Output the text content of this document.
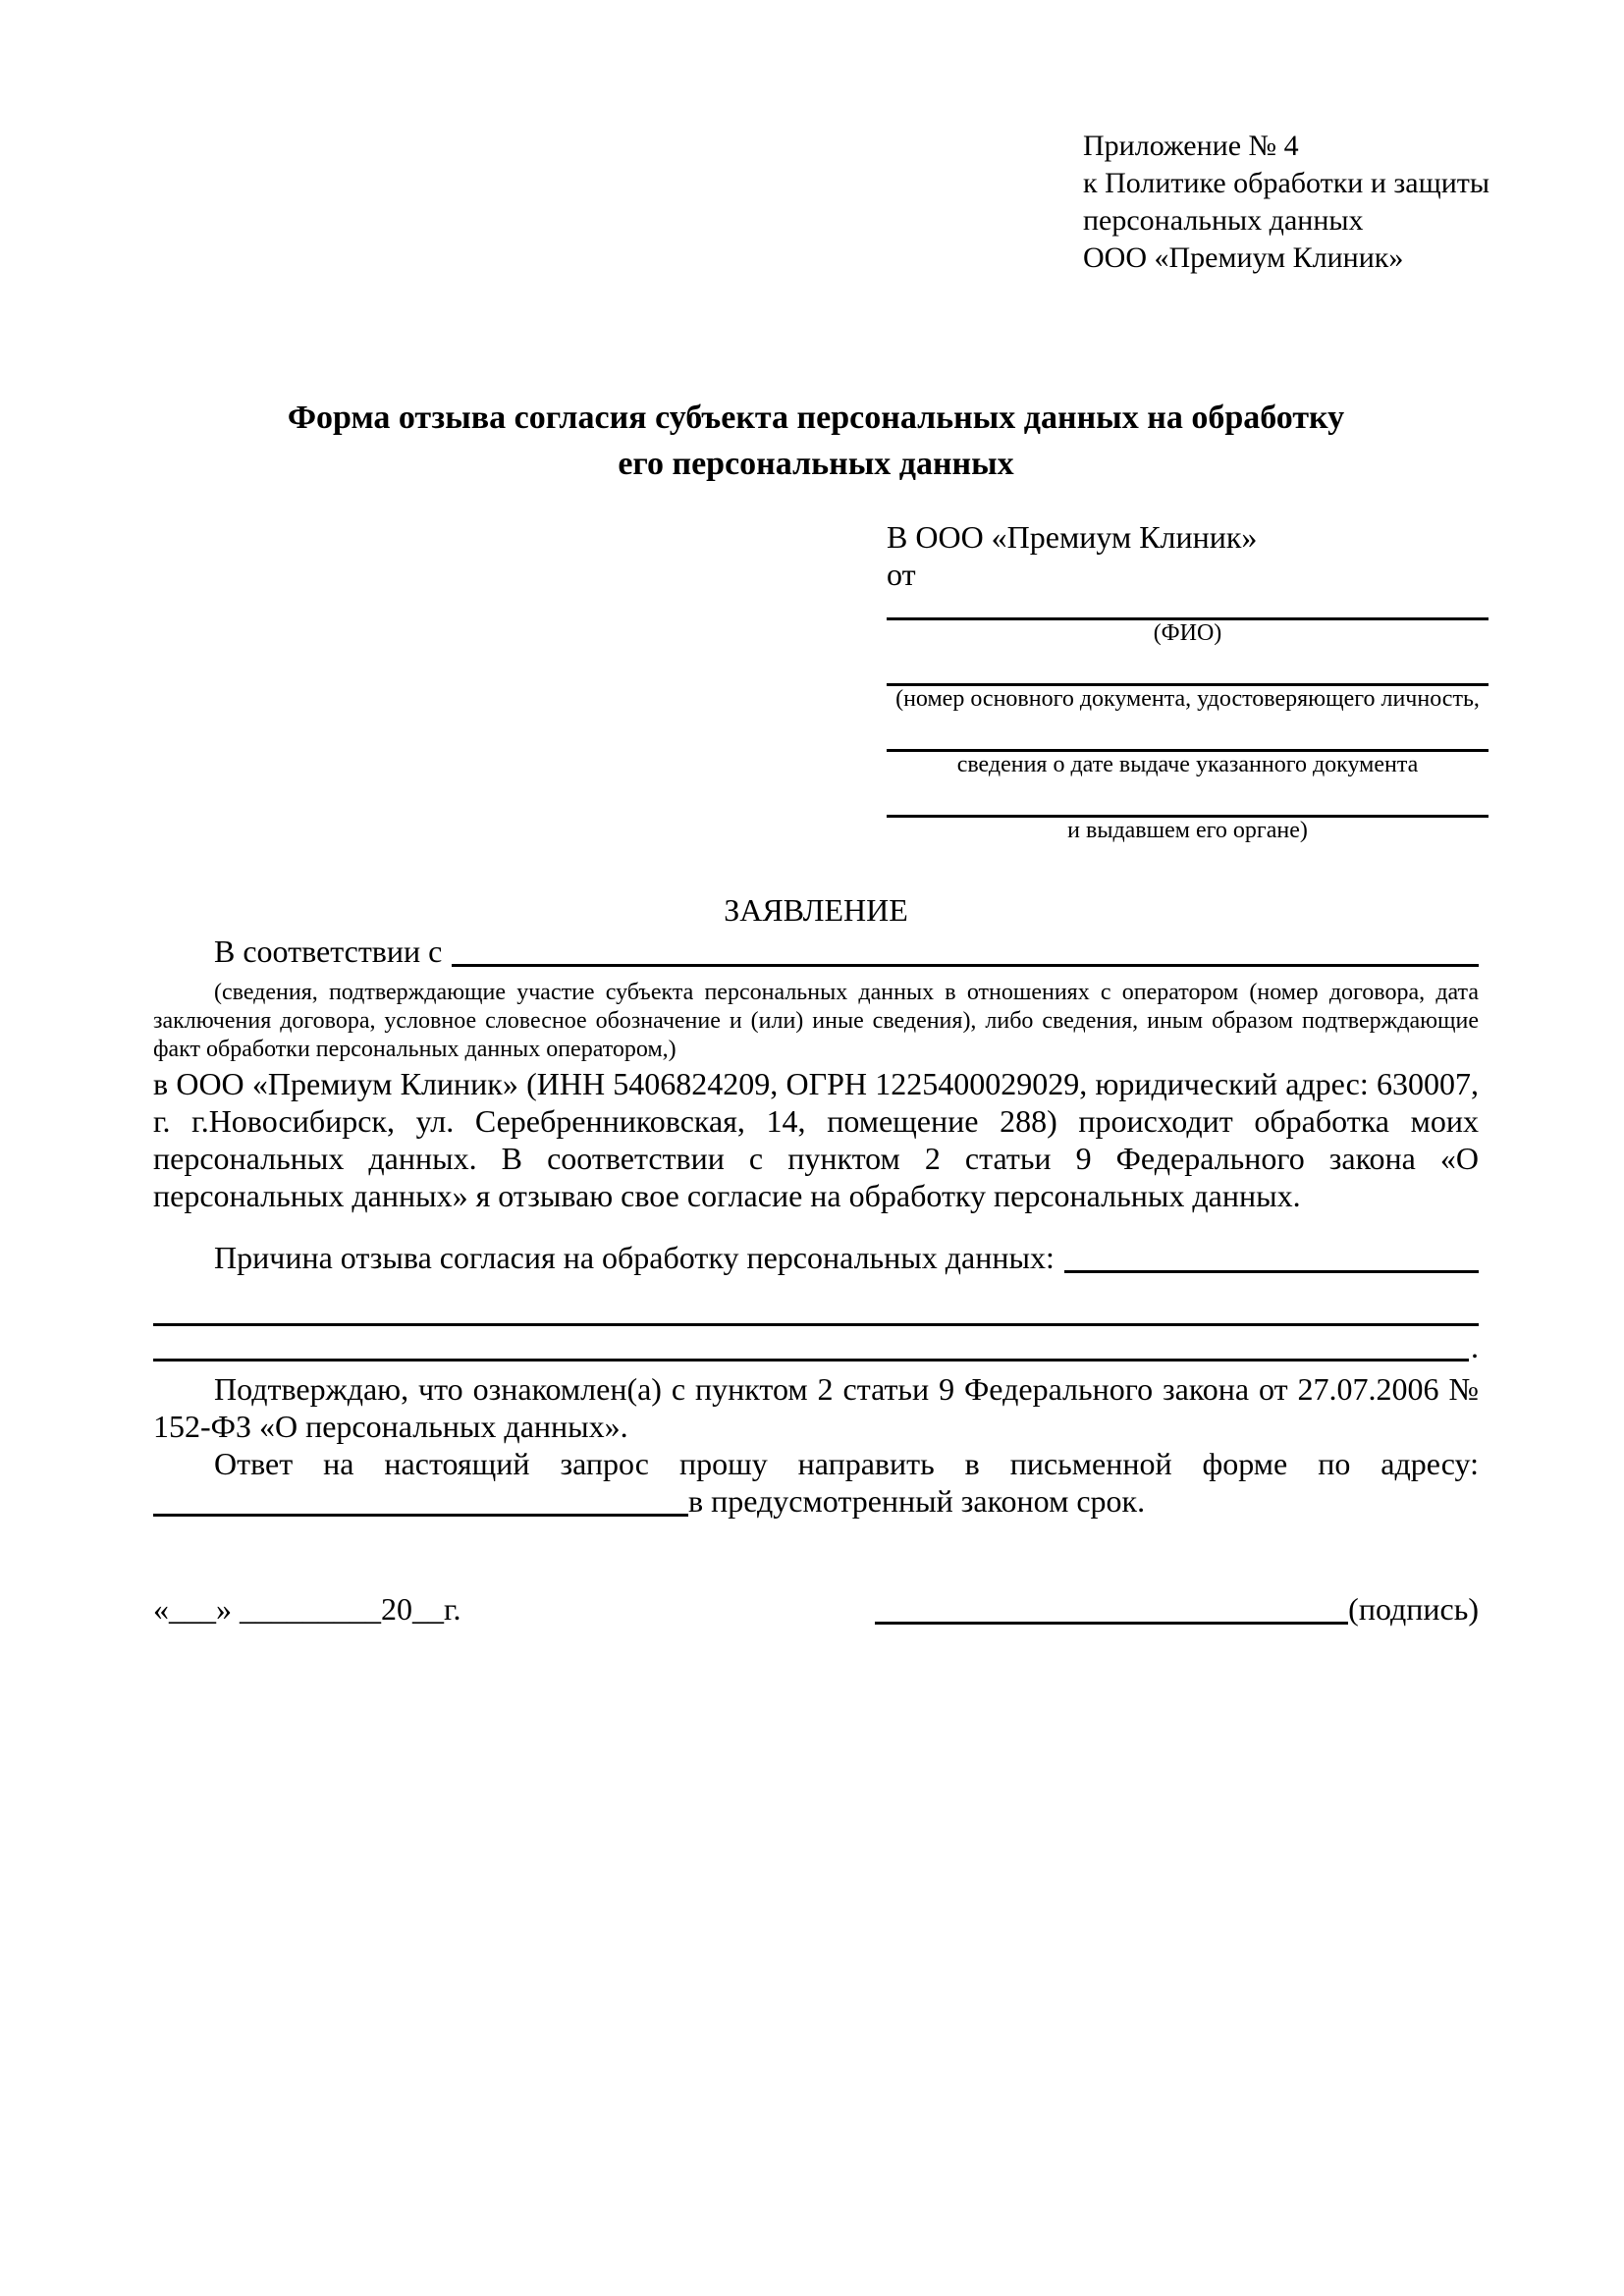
Приложение № 4
к Политике обработки и защиты
персональных данных
ООО «Премиум Клиник»
Форма отзыва согласия субъекта персональных данных на обработку
его персональных данных
В ООО «Премиум Клиник»
от
(ФИО)
(номер основного документа, удостоверяющего личность,
сведения о дате выдаче указанного документа
и выдавшем его органе)
ЗАЯВЛЕНИЕ
В соответствии с
(сведения, подтверждающие участие субъекта персональных данных в отношениях с оператором (номер договора, дата заключения договора, условное словесное обозначение и (или) иные сведения), либо сведения, иным образом подтверждающие факт обработки персональных данных оператором,)
в ООО «Премиум Клиник» (ИНН 5406824209, ОГРН 1225400029029, юридический адрес: 630007, г. г.Новосибирск, ул. Серебренниковская, 14, помещение 288) происходит обработка моих персональных данных. В соответствии с пунктом 2 статьи 9 Федерального закона «О персональных данных» я отзываю свое согласие на обработку персональных данных.
Причина отзыва согласия на обработку персональных данных:
.
Подтверждаю, что ознакомлен(а) с пунктом 2 статьи 9 Федерального закона от 27.07.2006 № 152-ФЗ «О персональных данных».
Ответ на настоящий запрос прошу направить в письменной форме по адресу:
в предусмотренный законом срок.
«___» _________20__г.	(подпись)
